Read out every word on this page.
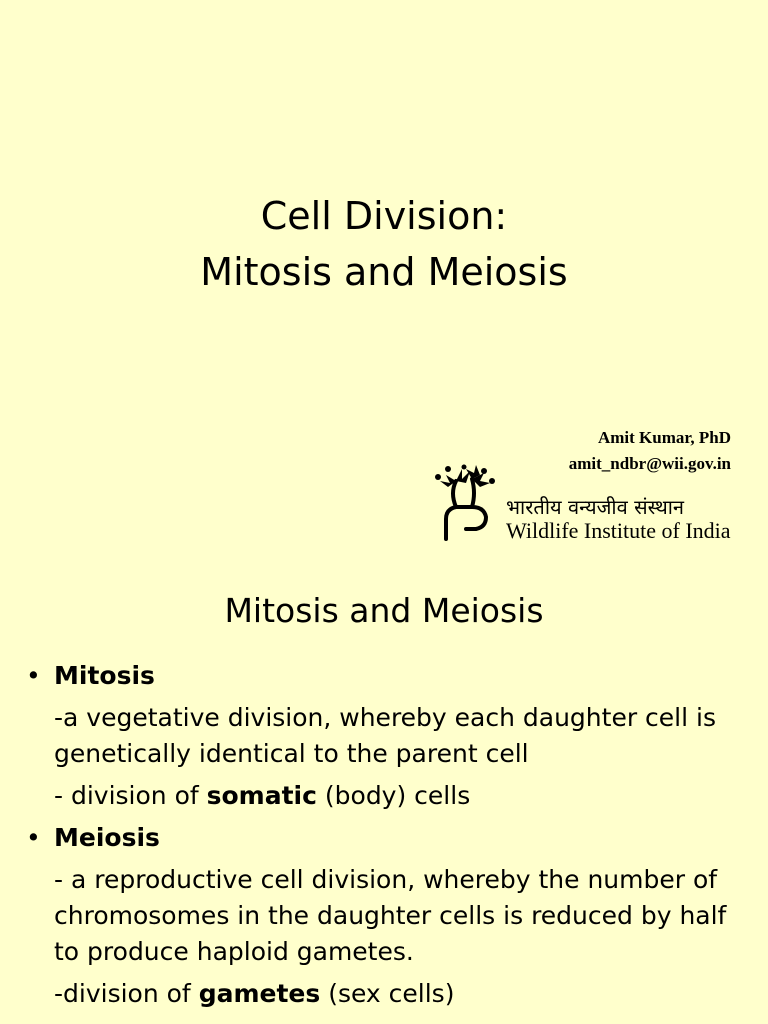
Cell Division:
Mitosis and Meiosis
Amit Kumar, PhD
amit_ndbr@wii.gov.in
भारतीय वन्यजीव संस्थान
Wildlife Institute of India
Mitosis and Meiosis
• Mitosis
-a vegetative division, whereby each daughter cell is genetically identical to the parent cell
- division of somatic (body) cells
• Meiosis
- a reproductive cell division, whereby the number of chromosomes in the daughter cells is reduced by half to produce haploid gametes.
-division of gametes (sex cells)
